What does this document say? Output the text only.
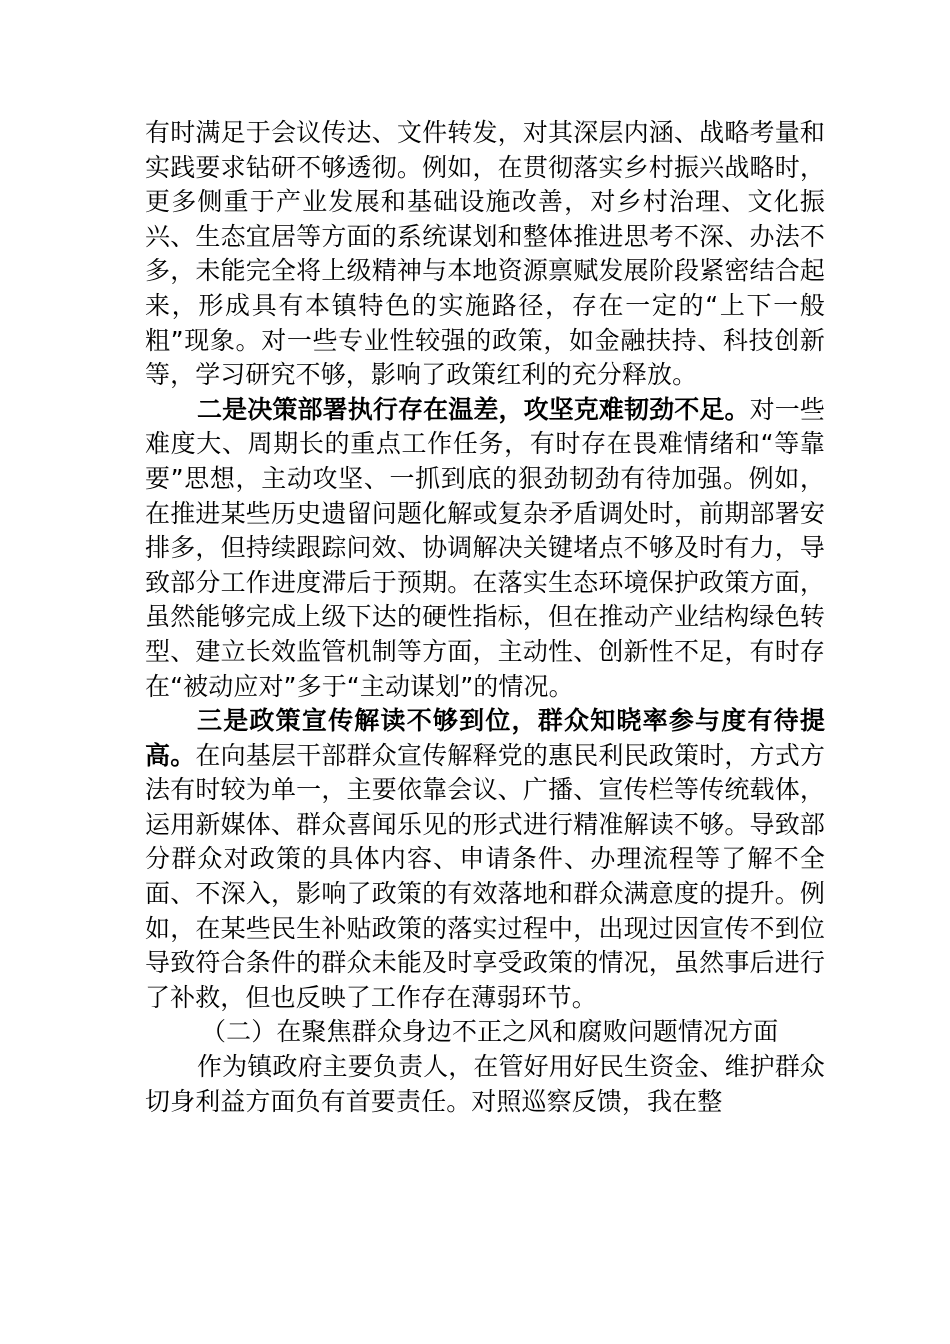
有时满足于会议传达、文件转发，对其深层内涵、战略考量和实践要求钻研不够透彻。例如，在贯彻落实乡村振兴战略时，更多侧重于产业发展和基础设施改善，对乡村治理、文化振兴、生态宜居等方面的系统谋划和整体推进思考不深、办法不多，未能完全将上级精神与本地资源禀赋发展阶段紧密结合起来，形成具有本镇特色的实施路径，存在一定的“上下一般粗”现象。对一些专业性较强的政策，如金融扶持、科技创新等，学习研究不够，影响了政策红利的充分释放。

二是决策部署执行存在温差，攻坚克难韧劲不足。对一些难度大、周期长的重点工作任务，有时存在畏难情绪和“等靠要”思想，主动攻坚、一抓到底的狠劲韧劲有待加强。例如，在推进某些历史遗留问题化解或复杂矛盾调处时，前期部署安排多，但持续跟踪问效、协调解决关键堵点不够及时有力，导致部分工作进度滞后于预期。在落实生态环境保护政策方面，虽然能够完成上级下达的硬性指标，但在推动产业结构绿色转型、建立长效监管机制等方面，主动性、创新性不足，有时存在“被动应对”多于“主动谋划”的情况。

三是政策宣传解读不够到位，群众知晓率参与度有待提高。在向基层干部群众宣传解释党的惠民利民政策时，方式方法有时较为单一，主要依靠会议、广播、宣传栏等传统载体，运用新媒体、群众喜闻乐见的形式进行精准解读不够。导致部分群众对政策的具体内容、申请条件、办理流程等了解不全面、不深入，影响了政策的有效落地和群众满意度的提升。例如，在某些民生补贴政策的落实过程中，出现过因宣传不到位导致符合条件的群众未能及时享受政策的情况，虽然事后进行了补救，但也反映了工作存在薄弱环节。

（二）在聚焦群众身边不正之风和腐败问题情况方面

作为镇政府主要负责人，在管好用好民生资金、维护群众切身利益方面负有首要责任。对照巡察反馈，我在整
